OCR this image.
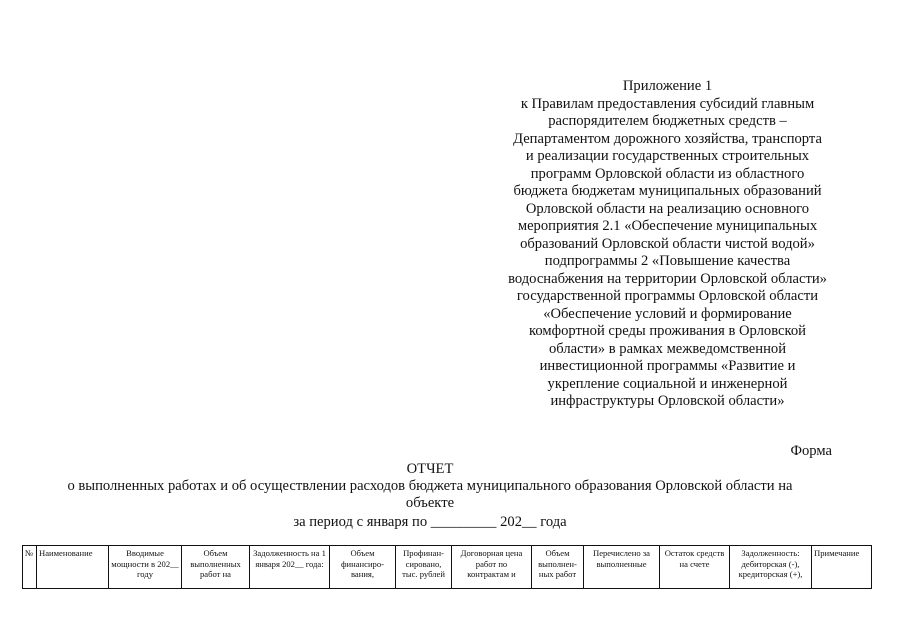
Приложение 1
к Правилам предоставления субсидий главным
распорядителем бюджетных средств –
Департаментом дорожного хозяйства, транспорта
и реализации государственных строительных
программ Орловской области из областного
бюджета бюджетам муниципальных образований
Орловской области на реализацию основного
мероприятия 2.1 «Обеспечение муниципальных
образований Орловской области чистой водой»
подпрограммы 2 «Повышение качества
водоснабжения на территории Орловской области»
государственной программы Орловской области
«Обеспечение условий и формирование
комфортной среды проживания в Орловской
области» в рамках межведомственной
инвестиционной программы «Развитие и
укрепление социальной и инженерной
инфраструктуры Орловской области»
Форма
ОТЧЕТ
о выполненных работах и об осуществлении расходов бюджета муниципального образования Орловской области на
объекте
за период с января по _________ 202__ года
№	Наименование	Вводимые мощности в 202__ году	Объем выполненных работ на	Задолженность на 1 января 202__ года:	Объем финансиро-вания,	Профинан-сировано, тыс. рублей	Договорная цена работ по контрактам и	Объем выполнен-ных работ	Перечислено за выполненные	Остаток средств на счете	Задолженность: дебиторская (-), кредиторская (+),	Примечание
